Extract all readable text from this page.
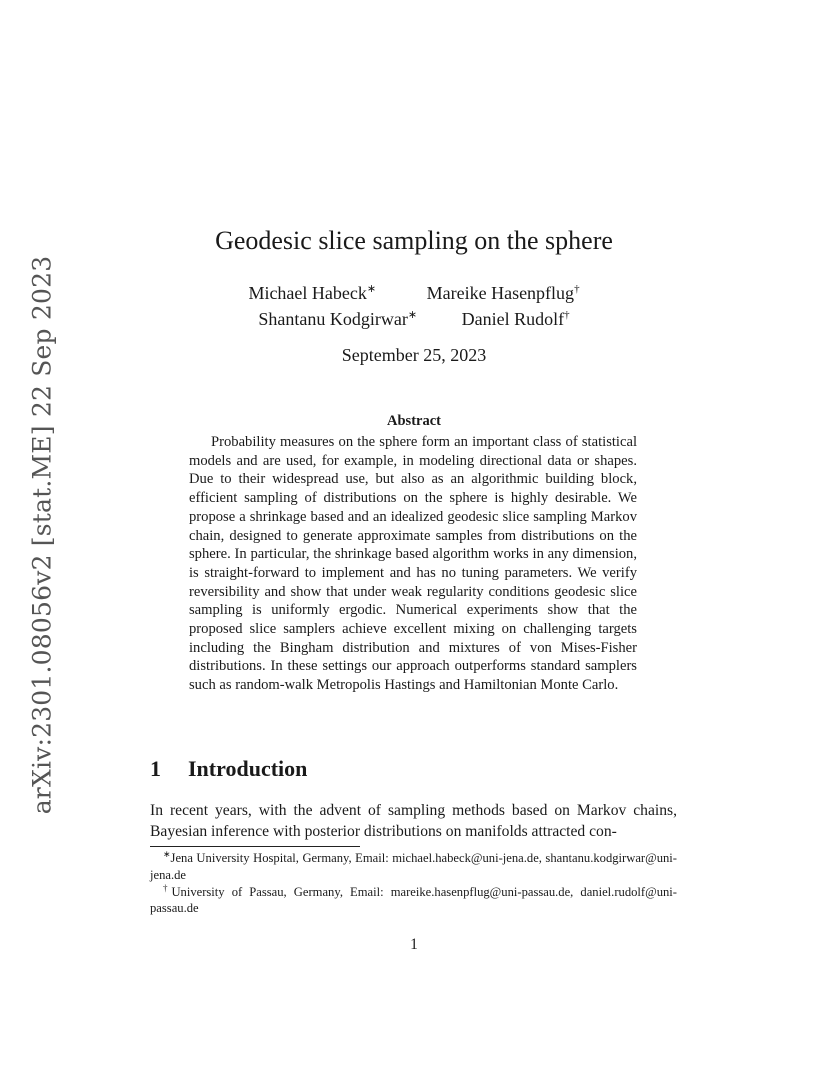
arXiv:2301.08056v2 [stat.ME] 22 Sep 2023
Geodesic slice sampling on the sphere
Michael Habeck∗	Mareike Hasenpflug†
Shantanu Kodgirwar∗ Daniel Rudolf†
September 25, 2023
Abstract
Probability measures on the sphere form an important class of statistical models and are used, for example, in modeling directional data or shapes. Due to their widespread use, but also as an algorithmic building block, efficient sampling of distributions on the sphere is highly desirable. We propose a shrinkage based and an idealized geodesic slice sampling Markov chain, designed to generate approximate samples from distributions on the sphere. In particular, the shrinkage based algorithm works in any dimension, is straight-forward to implement and has no tuning parameters. We verify reversibility and show that under weak regularity conditions geodesic slice sampling is uniformly ergodic. Numerical experiments show that the proposed slice samplers achieve excellent mixing on challenging targets including the Bingham distribution and mixtures of von Mises-Fisher distributions. In these settings our approach outperforms standard samplers such as random-walk Metropolis Hastings and Hamiltonian Monte Carlo.
1 Introduction
In recent years, with the advent of sampling methods based on Markov chains, Bayesian inference with posterior distributions on manifolds attracted con-

∗Jena University Hospital, Germany, Email: michael.habeck@uni-jena.de, shantanu.kodgirwar@uni-jena.de

†University of Passau, Germany, Email: mareike.hasenpflug@uni-passau.de, daniel.rudolf@uni-passau.de

1
